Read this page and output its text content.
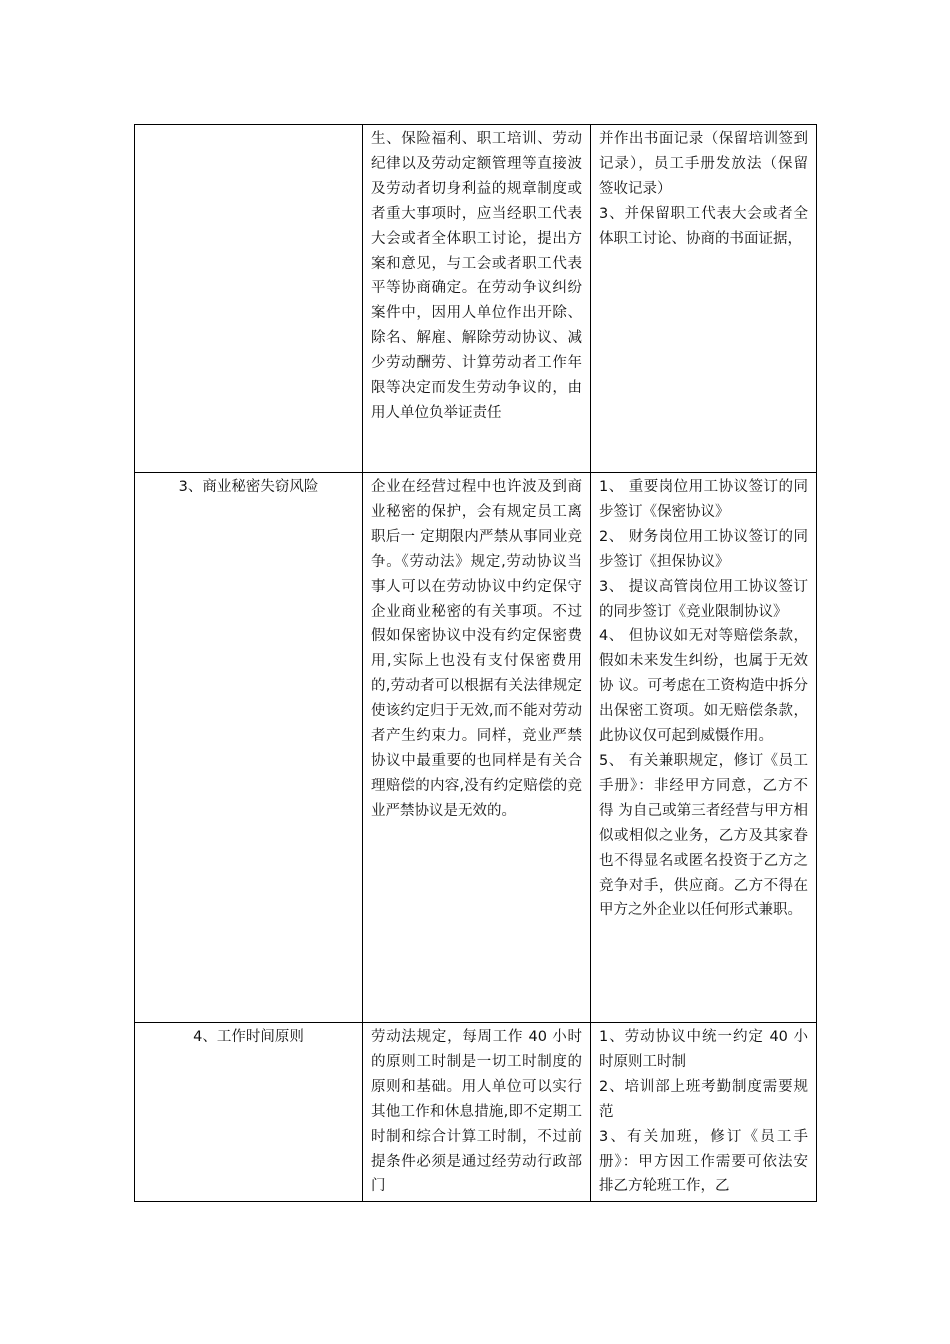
	生、保险福利、职工培训、劳动纪律以及劳动定额管理等直接波及劳动者切身利益的规章制度或者重大事项时，应当经职工代表大会或者全体职工讨论，提出方案和意见，与工会或者职工代表平等协商确定。在劳动争议纠纷案件中，因用人单位作出开除、除名、解雇、解除劳动协议、减少劳动酬劳、计算劳动者工作年限等决定而发生劳动争议的，由用人单位负举证责任	并作出书面记录（保留培训签到记录），员工手册发放法（保留签收记录）
3、并保留职工代表大会或者全体职工讨论、协商的书面证据，

3、商业秘密失窃风险	企业在经营过程中也许波及到商业秘密的保护，会有规定员工离职后一 定期限内严禁从事同业竞争。《劳动法》规定,劳动协议当事人可以在劳动协议中约定保守企业商业秘密的有关事项。不过假如保密协议中没有约定保密费用,实际上也没有支付保密费用的,劳动者可以根据有关法律规定使该约定归于无效,而不能对劳动者产生约束力。同样，竞业严禁协议中最重要的也同样是有关合理赔偿的内容,没有约定赔偿的竞业严禁协议是无效的。	1、 重要岗位用工协议签订的同步签订《保密协议》
2、 财务岗位用工协议签订的同步签订《担保协议》
3、 提议高管岗位用工协议签订的同步签订《竞业限制协议》
4、 但协议如无对等赔偿条款，假如未来发生纠纷，也属于无效协 议。可考虑在工资构造中拆分出保密工资项。如无赔偿条款，此协议仅可起到威慑作用。
5、 有关兼职规定，修订《员工手册》：非经甲方同意，乙方不得 为自己或第三者经营与甲方相似或相似之业务，乙方及其家眷也不得显名或匿名投资于乙方之竞争对手，供应商。乙方不得在甲方之外企业以任何形式兼职。

4、工作时间原则	劳动法规定，每周工作 40 小时的原则工时制是一切工时制度的原则和基础。用人单位可以实行其他工作和休息措施,即不定期工时制和综合计算工时制，不过前提条件必须是通过经劳动行政部门	1、劳动协议中统一约定 40 小时原则工时制
2、培训部上班考勤制度需要规范
3、有关加班，修订《员工手册》：甲方因工作需要可依法安排乙方轮班工作，乙
